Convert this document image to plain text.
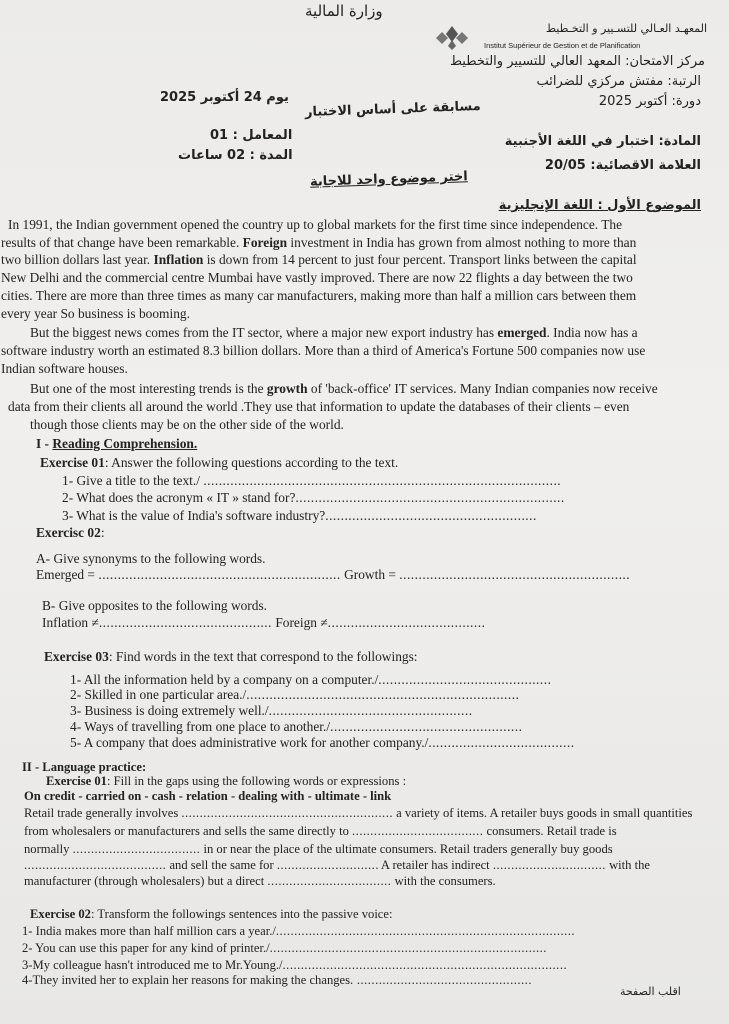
وزارة المالية
المعهـد العـالي للتسـيير و التخـطيط
Institut Supérieur de Gestion et de Planification
مركز الامتحان: المعهد العالي للتسيير والتخطيط
الرتبة: مفتش مركزي للضرائب
دورة: أكتوبر 2025
يوم 24 أكتوبر 2025
مسابقة على أساس الاختبار
المادة: اختبار في اللغة الأجنبية
المعامل : 01
العلامة الاقصائية: 20/05
المدة : 02 ساعات
اختر موضوع واحد للاجابة
الموضوع الأول : اللغة الإنجليزية
In 1991, the Indian government opened the country up to global markets for the first time since independence. The
results of that change have been remarkable. Foreign investment in India has grown from almost nothing to more than
two billion dollars last year. Inflation is down from 14 percent to just four percent. Transport links between the capital
New Delhi and the commercial centre Mumbai have vastly improved. There are now 22 flights a day between the two
cities. There are more than three times as many car manufacturers, making more than half a million cars between them
every year So business is booming.
But the biggest news comes from the IT sector, where a major new export industry has emerged. India now has a
software industry worth an estimated 8.3 billion dollars. More than a third of America's Fortune 500 companies now use
Indian software houses.
But one of the most interesting trends is the growth of 'back-office' IT services. Many Indian companies now receive
data from their clients all around the world .They use that information to update the databases of their clients – even
though those clients may be on the other side of the world.
I - Reading Comprehension.
Exercise 01: Answer the following questions according to the text.
1- Give a title to the text./ .............................................................................................
2- What does the acronym « IT » stand for?......................................................................
3- What is the value of India's software industry?.......................................................
Exercisc 02:
A- Give synonyms to the following words.
Emerged = ............................................................... Growth = ............................................................
B- Give opposites to the following words.
Inflation ≠............................................. Foreign ≠.........................................
Exercise 03: Find words in the text that correspond to the followings:
1- All the information held by a company on a computer./.............................................
2- Skilled in one particular area./.......................................................................
3- Business is doing extremely well./.....................................................
4- Ways of travelling from one place to another./..................................................
5- A company that does administrative work for another company./......................................
II - Language practice:
Exercise 01: Fill in the gaps using the following words or expressions :
On credit - carried on - cash - relation - dealing with - ultimate - link
Retail trade generally involves .......................................................... a variety of items. A retailer buys goods in small quantities
from wholesalers or manufacturers and sells the same directly to .................................... consumers. Retail trade is
normally ................................... in or near the place of the ultimate consumers. Retail traders generally buy goods
....................................... and sell the same for ............................ A retailer has indirect ............................... with the
manufacturer (through wholesalers) but a direct .................................. with the consumers.
Exercise 02: Transform the followings sentences into the passive voice:
1- India makes more than half million cars a year./..................................................................................
2- You can use this paper for any kind of printer./............................................................................
3-My colleague hasn't introduced me to Mr.Young./..............................................................................
4-They invited her to explain her reasons for making the changes. ................................................
اقلب الصفحة
